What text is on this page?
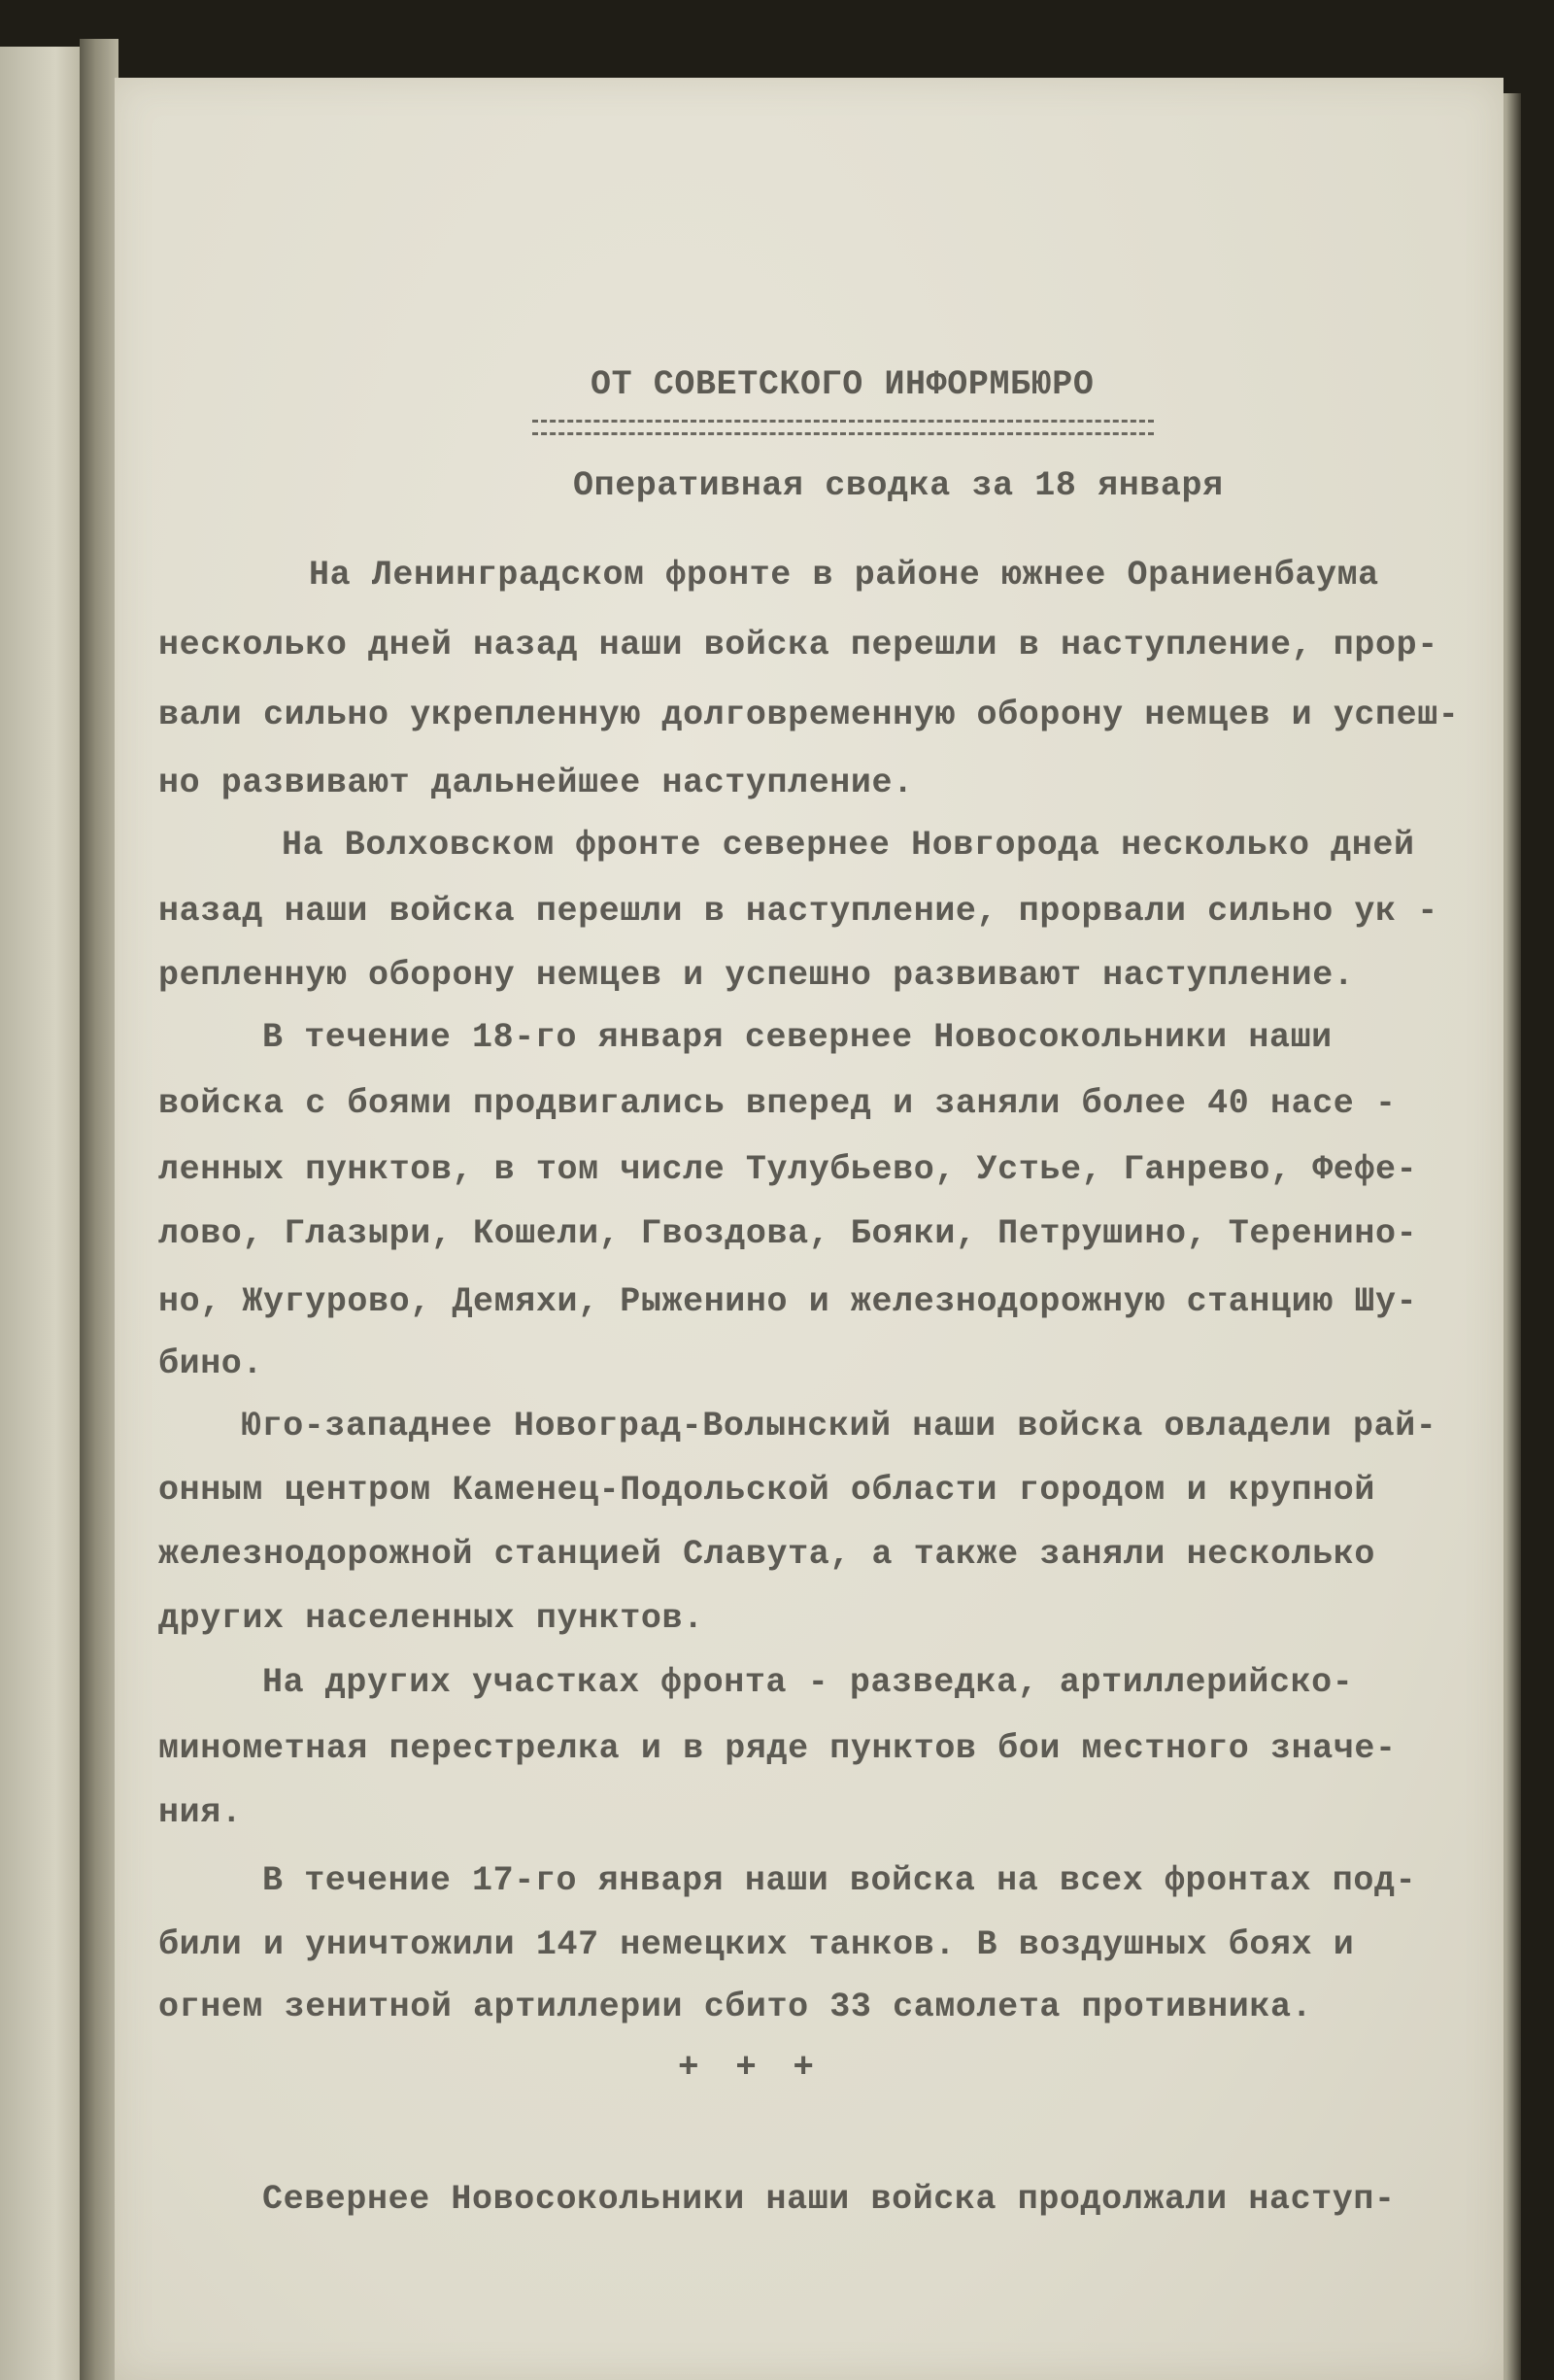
ОТ СОВЕТСКОГО ИНФОРМБЮРО
Оперативная сводка за 18 января
На Ленинградском фронте в районе южнее Ораниенбаума
несколько дней назад наши войска перешли в наступление, прор-
вали сильно укрепленную долговременную оборону немцев и успеш-
но развивают дальнейшее наступление.
На Волховском фронте севернее Новгорода несколько дней
назад наши войска перешли в наступление, прорвали сильно ук -
репленную оборону немцев и успешно развивают наступление.
В течение 18-го января севернее Новосокольники наши
войска с боями продвигались вперед и заняли более 40 насе -
ленных пунктов, в том числе Тулубьево, Устье, Ганрево, Фефе-
лово, Глазыри, Кошели, Гвоздова, Бояки, Петрушино, Теренино-
но, Жугурово, Демяхи, Рыженино и железнодорожную станцию Шу-
бино.
Юго-западнее Новоград-Волынский наши войска овладели рай-
онным центром Каменец-Подольской области городом и крупной
железнодорожной станцией Славута, а также заняли несколько
других населенных пунктов.
На других участках фронта - разведка, артиллерийско-
минометная перестрелка и в ряде пунктов бои местного значе-
ния.
В течение 17-го января наши войска на всех фронтах под-
били и уничтожили 147 немецких танков. В воздушных боях и
огнем зенитной артиллерии сбито 33 самолета противника.
+ + +
Севернее Новосокольники наши войска продолжали наступ-
